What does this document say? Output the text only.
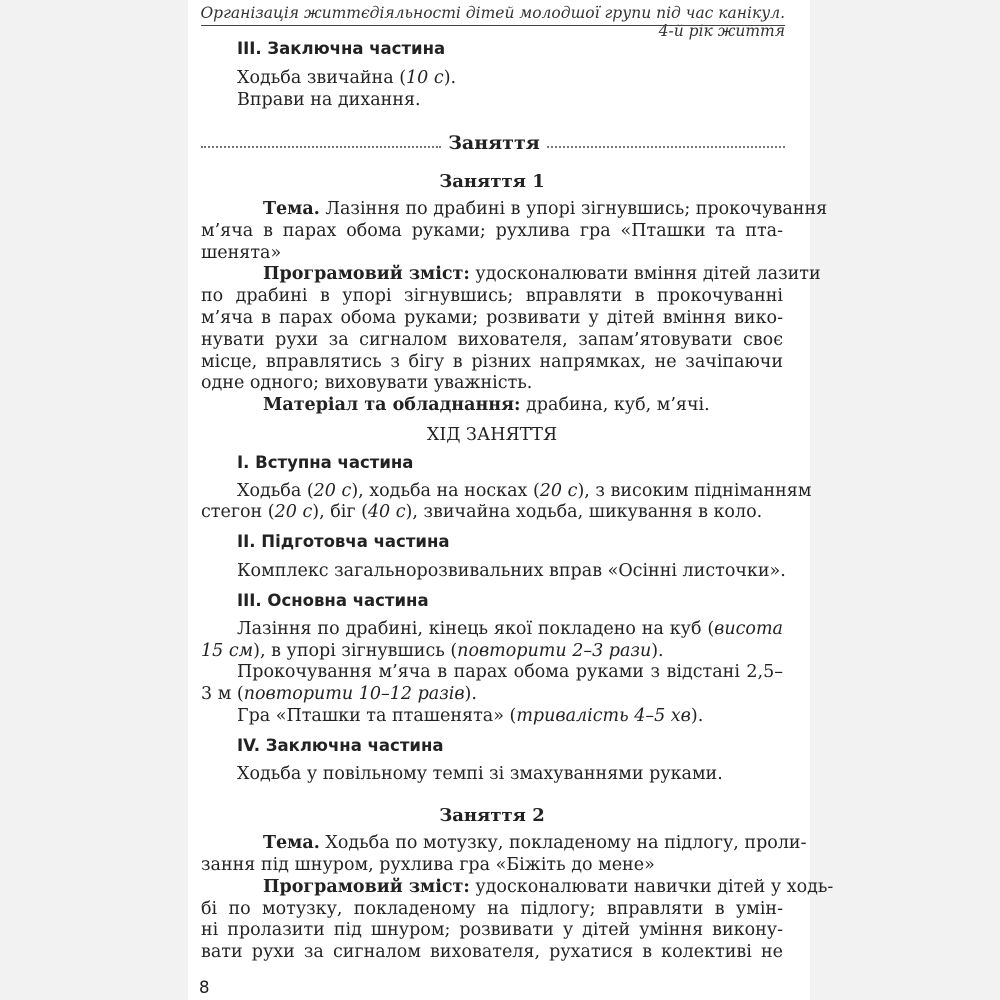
Організація життєдіяльності дітей молодшої групи під час канікул. 4-й рік життя
III. Заключна частина
Ходьба звичайна (10 с).
Вправи на дихання.
Заняття
Заняття 1
Тема. Лазіння по драбині в упорі зігнувшись; прокочування
м’яча в парах обома руками; рухлива гра «Пташки та пта-
шенята»
Програмовий зміст: удосконалювати вміння дітей лазити
по драбині в упорі зігнувшись; вправляти в прокочуванні
м’яча в парах обома руками; розвивати у дітей вміння вико-
нувати рухи за сигналом вихователя, запам’ятовувати своє
місце, вправлятись з бігу в різних напрямках, не зачіпаючи
одне одного; виховувати уважність.
Матеріал та обладнання: драбина, куб, м’ячі.
ХІД ЗАНЯТТЯ
I. Вступна частина
Ходьба (20 с), ходьба на носках (20 с), з високим підніманням
стегон (20 с), біг (40 с), звичайна ходьба, шикування в коло.
II. Підготовча частина
Комплекс загальнорозвивальних вправ «Осінні листочки».
III. Основна частина
Лазіння по драбині, кінець якої покладено на куб (висота
15 см), в упорі зігнувшись (повторити 2–3 рази).
Прокочування м’яча в парах обома руками з відстані 2,5–
3 м (повторити 10–12 разів).
Гра «Пташки та пташенята» (тривалість 4–5 хв).
IV. Заключна частина
Ходьба у повільному темпі зі змахуваннями руками.
Заняття 2
Тема. Ходьба по мотузку, покладеному на підлогу, проли-
зання під шнуром, рухлива гра «Біжіть до мене»
Програмовий зміст: удосконалювати навички дітей у ходь-
бі по мотузку, покладеному на підлогу; вправляти в умін-
ні пролазити під шнуром; розвивати у дітей уміння викону-
вати рухи за сигналом вихователя, рухатися в колективі не
8
